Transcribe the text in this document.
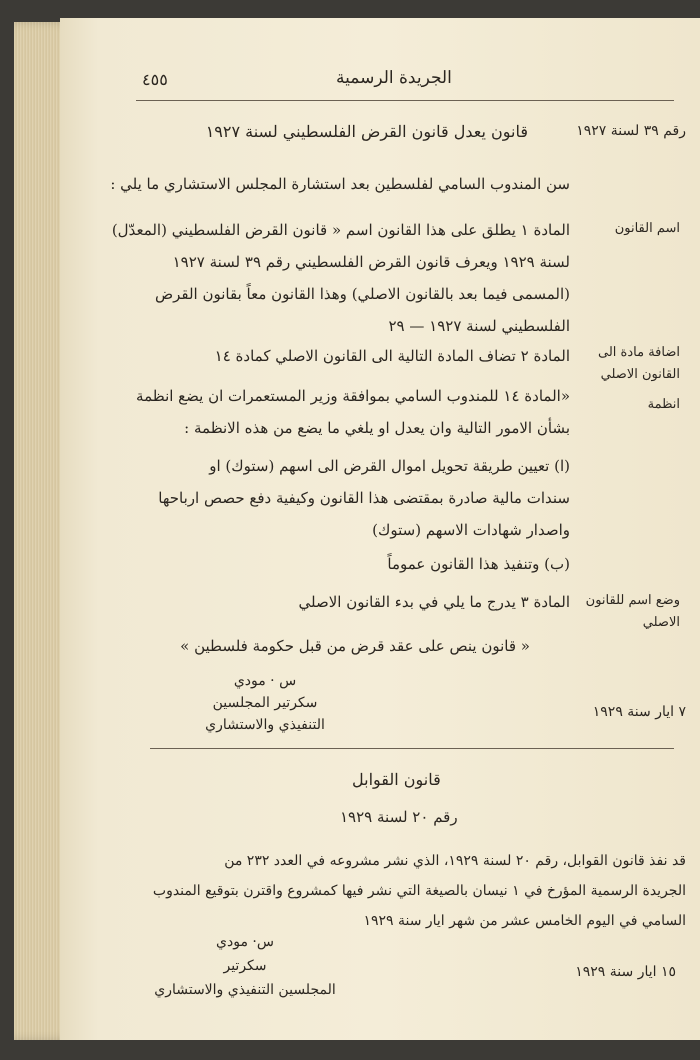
٤٥٥	الجريدة الرسمية
رقم ٣٩ لسنة ١٩٢٧
قانون يعدل قانون القرض الفلسطيني لسنة ١٩٢٧
سن المندوب السامي لفلسطين بعد استشارة المجلس الاستشاري ما يلي :
اسم القانون
المادة ١ يطلق على هذا القانون اسم « قانون القرض الفلسطيني (المعدّل)
لسنة ١٩٢٩ ويعرف قانون القرض الفلسطيني رقم ٣٩ لسنة ١٩٢٧
(المسمى فيما بعد بالقانون الاصلي) وهذا القانون معاً بقانون القرض
الفلسطيني لسنة ١٩٢٧ — ٢٩
اضافة مادة الى
القانون الاصلي
المادة ٢ تضاف المادة التالية الى القانون الاصلي كمادة ١٤
انظمة
«المادة ١٤ للمندوب السامي بموافقة وزير المستعمرات ان يضع انظمة
بشأن الامور التالية وان يعدل او يلغي ما يضع من هذه الانظمة :
(ا) تعيين طريقة تحويل اموال القرض الى اسهم (ستوك) او
سندات مالية صادرة بمقتضى هذا القانون وكيفية دفع حصص ارباحها
واصدار شهادات الاسهم (ستوك)
(ب) وتنفيذ هذا القانون عموماً
وضع اسم للقانون
الاصلي
المادة ٣ يدرج ما يلي في بدء القانون الاصلي
« قانون ينص على عقد قرض من قبل حكومة فلسطين »
٧ ايار سنة ١٩٢٩
س · مودي
سكرتير المجلسين
التنفيذي والاستشاري
قانون القوابل
رقم ٢٠ لسنة ١٩٢٩
قد نفذ قانون القوابل، رقم ٢٠ لسنة ١٩٢٩، الذي نشر مشروعه في العدد ٢٣٢ من
الجريدة الرسمية المؤرخ في ١ نيسان بالصيغة التي نشر فيها كمشروع واقترن بتوقيع المندوب
السامي في اليوم الخامس عشر من شهر ايار سنة ١٩٢٩
س· مودي
سكرتير
المجلسين التنفيذي والاستشاري
١٥ ايار سنة ١٩٢٩
